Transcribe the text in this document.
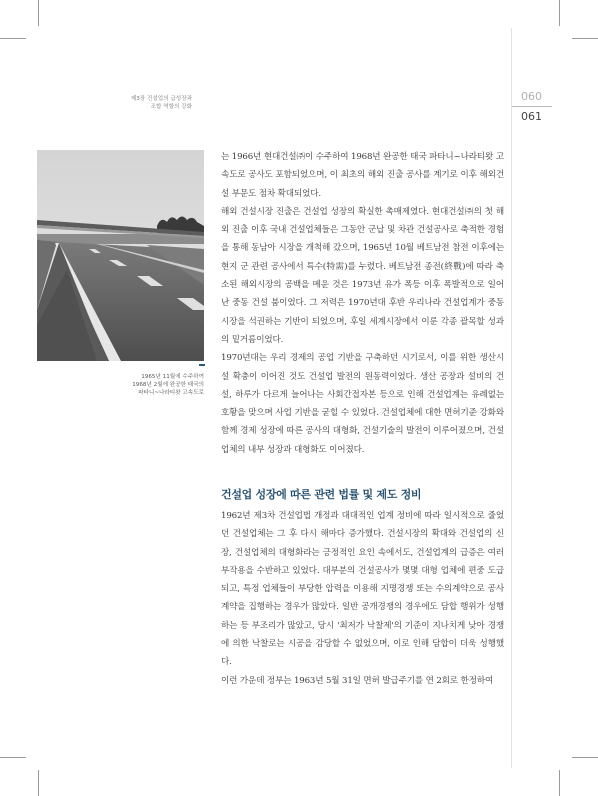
제3장 건설업의 급성장과
조합 역할의 강화
060
061
1965년 11월에 수주하여
1968년 2월에 완공한 태국의
파타니~나라티왓 고속도로

는 1966년 현대건설㈜이 수주하여 1968년 완공한 태국 파타니~나라티왓 고속도로 공사도 포함되었으며, 이 최초의 해외 진출 공사를 계기로 이후 해외건설 부문도 점차 확대되었다.

해외 건설시장 진출은 건설업 성장의 확실한 촉매제였다. 현대건설㈜의 첫 해외 진출 이후 국내 건설업체들은 그동안 군납 및 차관 건설공사로 축적한 경험을 통해 동남아 시장을 개척해 갔으며, 1965년 10월 베트남전 참전 이후에는 현지 군 관련 공사에서 특수(特需)를 누렸다. 베트남전 종전(終戰)에 따라 축소된 해외시장의 공백을 메운 것은 1973년 유가 폭등 이후 폭발적으로 일어난 중동 건설 붐이었다. 그 저력은 1970년대 후반 우리나라 건설업계가 중동시장을 석권하는 기반이 되었으며, 후일 세계시장에서 이룬 각종 괄목할 성과의 밑거름이었다.

1970년대는 우리 경제의 공업 기반을 구축하던 시기로서, 이를 위한 생산시설 확충이 이어진 것도 건설업 발전의 원동력이었다. 생산 공장과 설비의 건설, 하루가 다르게 늘어나는 사회간접자본 등으로 인해 건설업계는 유례없는 호황을 맞으며 사업 기반을 굳힐 수 있었다. 건설업체에 대한 면허기준 강화와 함께 경제 성장에 따른 공사의 대형화, 건설기술의 발전이 이루어졌으며, 건설업체의 내부 성장과 대형화도 이어졌다.

건설업 성장에 따른 관련 법률 및 제도 정비

1962년 제3차 건설업법 개정과 대대적인 업계 정비에 따라 일시적으로 줄었던 건설업체는 그 후 다시 해마다 증가했다. 건설시장의 확대와 건설업의 신장, 건설업체의 대형화라는 긍정적인 요인 속에서도, 건설업계의 급증은 여러 부작용을 수반하고 있었다. 대부분의 건설공사가 몇몇 대형 업체에 편중 도급되고, 특정 업체들이 부당한 압력을 이용해 지명경쟁 또는 수의계약으로 공사 계약을 집행하는 경우가 많았다. 일반 공개경쟁의 경우에도 담합 행위가 성행하는 등 부조리가 많았고, 당시 '최저가 낙찰제'의 기준이 지나치게 낮아 경쟁에 의한 낙찰로는 시공을 감당할 수 없었으며, 이로 인해 담합이 더욱 성행했다.

이런 가운데 정부는 1963년 5월 31일 면허 발급주기를 연 2회로 한정하여
